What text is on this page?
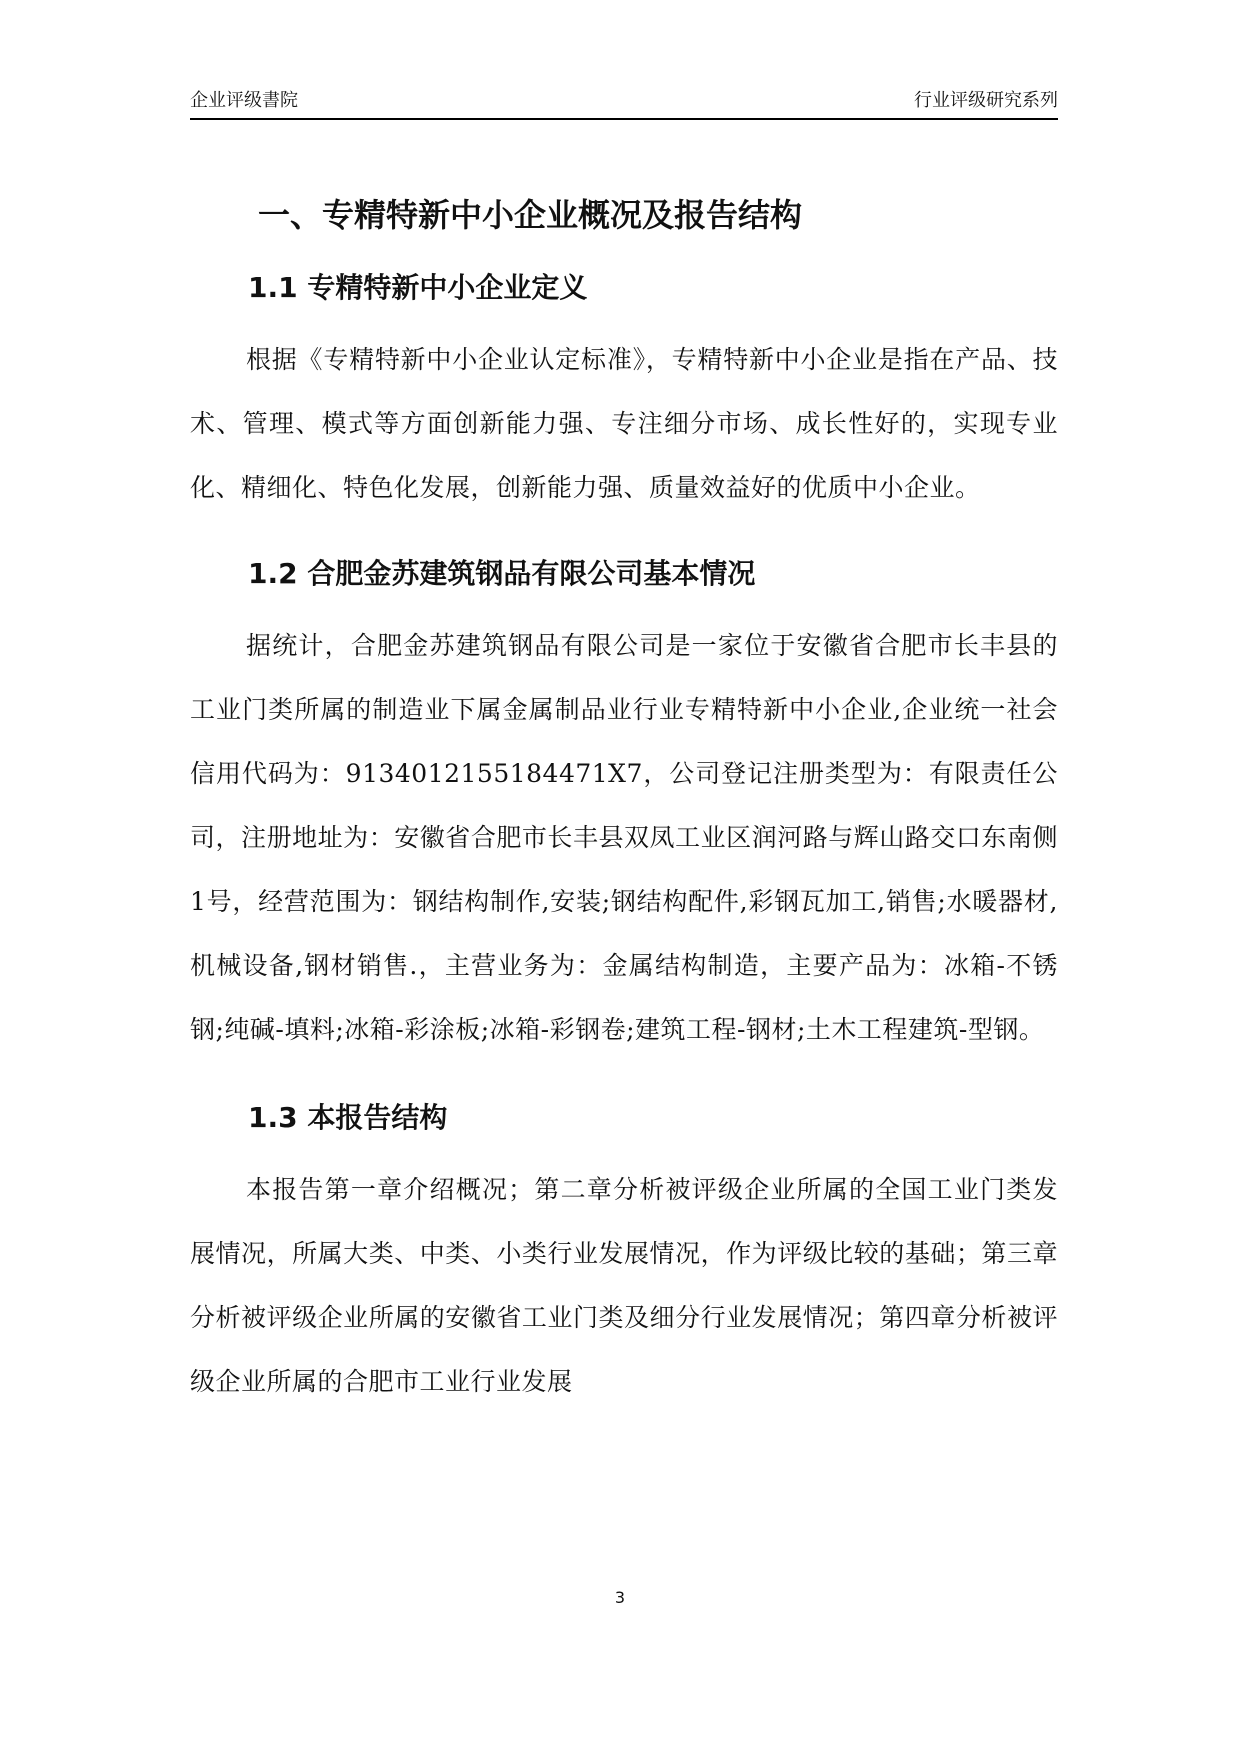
企业评级書院	行业评级研究系列
一、专精特新中小企业概况及报告结构
1.1 专精特新中小企业定义

根据《专精特新中小企业认定标准》，专精特新中小企业是指在产品、技术、管理、模式等方面创新能力强、专注细分市场、成长性好的，实现专业化、精细化、特色化发展，创新能力强、质量效益好的优质中小企业。

1.2 合肥金苏建筑钢品有限公司基本情况

据统计，合肥金苏建筑钢品有限公司是一家位于安徽省合肥市长丰县的工业门类所属的制造业下属金属制品业行业专精特新中小企业,企业统一社会信用代码为：9134012155184471X7，公司登记注册类型为：有限责任公司，注册地址为：安徽省合肥市长丰县双凤工业区润河路与辉山路交口东南侧1号，经营范围为：钢结构制作,安装;钢结构配件,彩钢瓦加工,销售;水暖器材,机械设备,钢材销售.，主营业务为：金属结构制造，主要产品为：冰箱-不锈钢;纯碱-填料;冰箱-彩涂板;冰箱-彩钢卷;建筑工程-钢材;土木工程建筑-型钢。

1.3 本报告结构

本报告第一章介绍概况；第二章分析被评级企业所属的全国工业门类发展情况，所属大类、中类、小类行业发展情况，作为评级比较的基础；第三章分析被评级企业所属的安徽省工业门类及细分行业发展情况；第四章分析被评级企业所属的合肥市工业行业发展

3
